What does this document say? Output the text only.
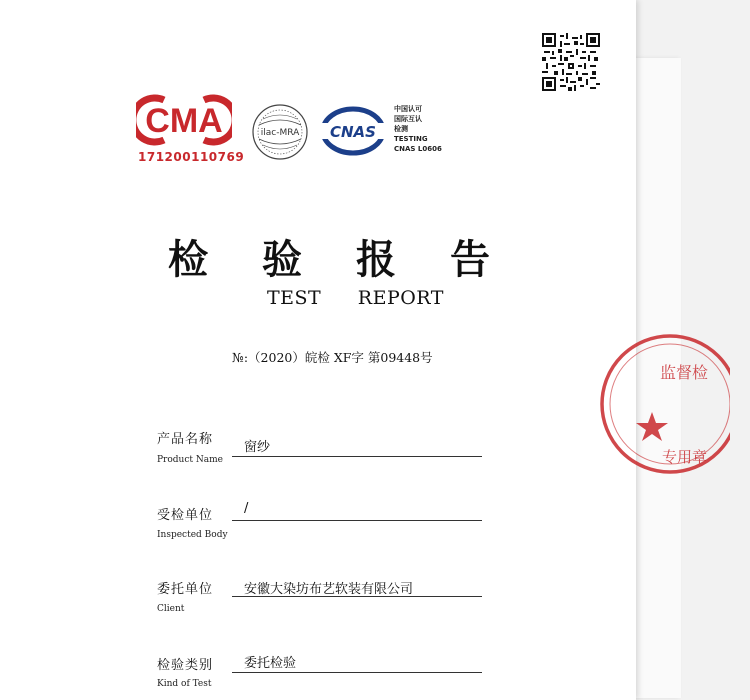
CMA
171200110769
ilac-MRA CNAS
中国认可
国际互认
检测
TESTING
CNAS L0606
检验报告
TEST REPORT
№:（2020）皖检 XF字 第09448号
产品名称
窗纱
Product Name
受检单位 /
Inspected Body
委托单位 安徽大染坊布艺软装有限公司
Client
检验类别 委托检验
Kind of Test
监督检
专用章
